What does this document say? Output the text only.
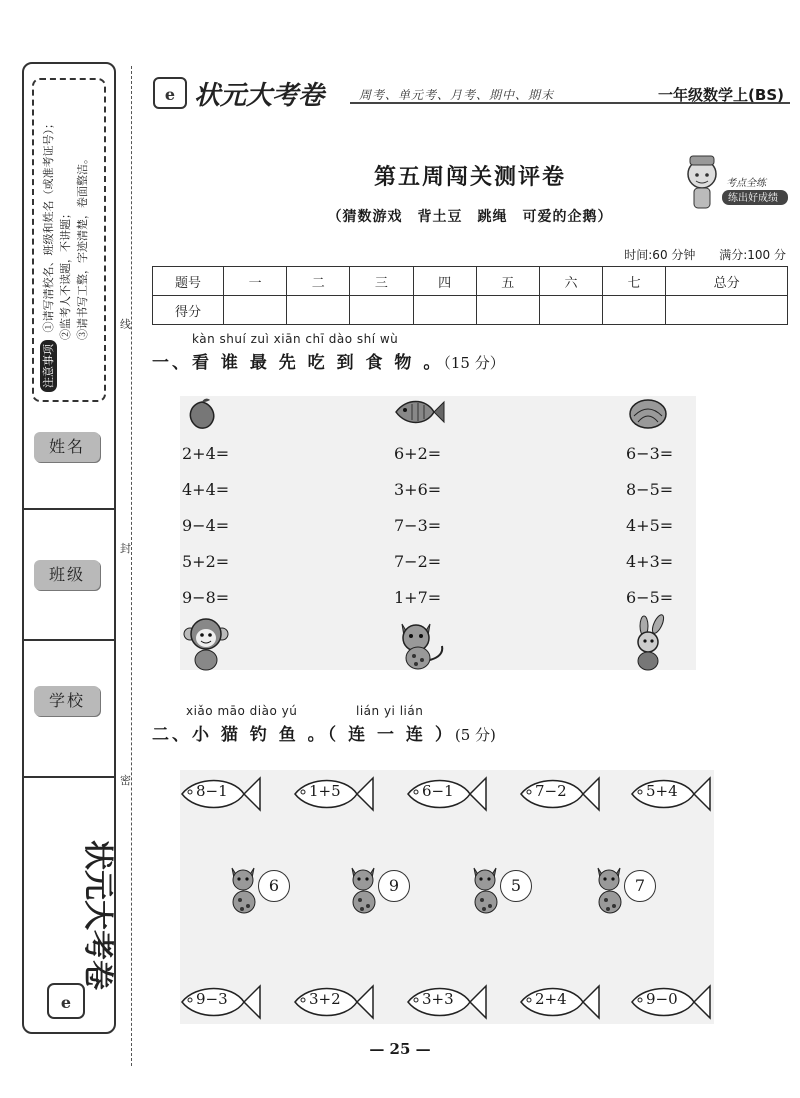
注意事项 ①请写清校名、班级和姓名（或准考证号）； ②监考人不读题，不讲题； ③请书写工整，字迹清楚，卷面整洁。
姓名
班级
学校
状元大考卷
e
线
封
密
e 状元大考卷	周考、单元考、月考、期中、期末	一年级数学上(BS)
第五周闯关测评卷
（猜数游戏　背土豆　跳绳　可爱的企鹅）
考点全练
练出好成绩
时间:60 分钟 满分:100 分
题号	一	二	三	四	五	六	七	总分
得分								
kàn shuí zuì xiān chī dào shí wù
一、看 谁 最 先 吃 到 食 物 。（15 分）
2+4=
4+4=
9−4=
5+2=
9−8=
6+2=
3+6=
7−3=
7−2=
1+7=
6−3=
8−5=
4+5=
4+3=
6−5=
xiǎo māo diào yú	lián yi lián
二、小 猫 钓 鱼 。（ 连 一 连 ）(5 分)
8−1	1+5	6−1	7−2	5+4
6	9	5	7
9−3	3+2	3+3	2+4	9−0
— 25 —
